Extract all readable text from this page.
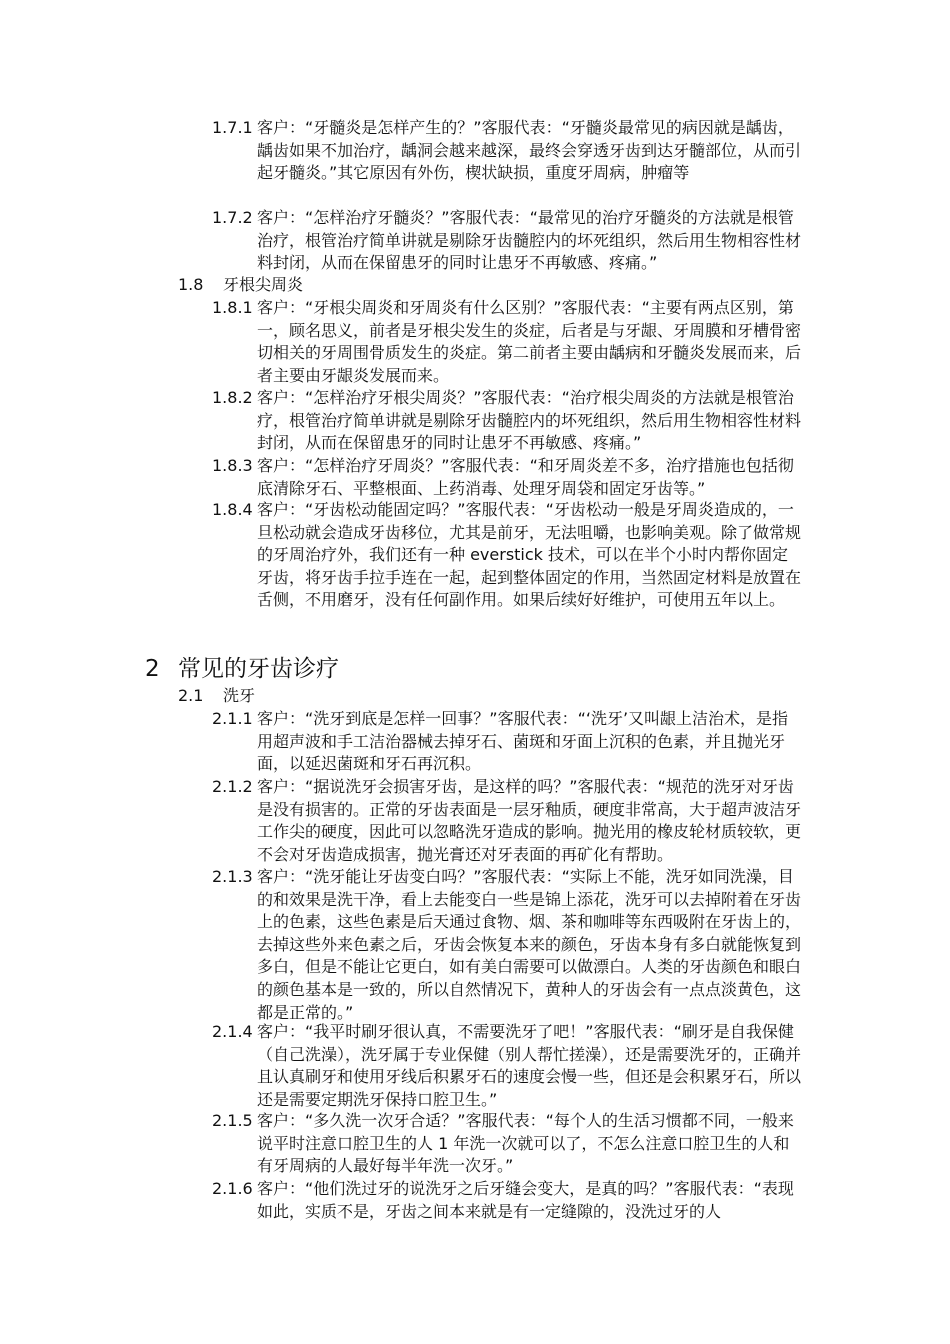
1.7.1 客户：“牙髓炎是怎样产生的？”客服代表：“牙髓炎最常见的病因就是龋齿，龋齿如果不加治疗，龋洞会越来越深，最终会穿透牙齿到达牙髓部位，从而引起牙髓炎。”其它原因有外伤，楔状缺损，重度牙周病，肿瘤等
1.7.2 客户：“怎样治疗牙髓炎？”客服代表：“最常见的治疗牙髓炎的方法就是根管治疗，根管治疗简单讲就是剔除牙齿髓腔内的坏死组织，然后用生物相容性材料封闭，从而在保留患牙的同时让患牙不再敏感、疼痛。”
1.8 牙根尖周炎
1.8.1 客户：“牙根尖周炎和牙周炎有什么区别？”客服代表：“主要有两点区别，第一，顾名思义，前者是牙根尖发生的炎症，后者是与牙龈、牙周膜和牙槽骨密切相关的牙周围骨质发生的炎症。第二前者主要由龋病和牙髓炎发展而来，后者主要由牙龈炎发展而来。
1.8.2 客户：“怎样治疗牙根尖周炎？”客服代表：“治疗根尖周炎的方法就是根管治疗，根管治疗简单讲就是剔除牙齿髓腔内的坏死组织，然后用生物相容性材料封闭，从而在保留患牙的同时让患牙不再敏感、疼痛。”
1.8.3 客户：“怎样治疗牙周炎？”客服代表：“和牙周炎差不多，治疗措施也包括彻底清除牙石、平整根面、上药消毒、处理牙周袋和固定牙齿等。”
1.8.4 客户：“牙齿松动能固定吗？”客服代表：“牙齿松动一般是牙周炎造成的，一旦松动就会造成牙齿移位，尤其是前牙，无法咀嚼，也影响美观。除了做常规的牙周治疗外，我们还有一种 everstick 技术，可以在半个小时内帮你固定牙齿，将牙齿手拉手连在一起，起到整体固定的作用，当然固定材料是放置在舌侧，不用磨牙，没有任何副作用。如果后续好好维护，可使用五年以上。
2 常见的牙齿诊疗
2.1 洗牙
2.1.1 客户：“洗牙到底是怎样一回事？”客服代表：“‘洗牙’又叫龈上洁治术，是指用超声波和手工洁治器械去掉牙石、菌斑和牙面上沉积的色素，并且抛光牙面，以延迟菌斑和牙石再沉积。
2.1.2 客户：“据说洗牙会损害牙齿，是这样的吗？”客服代表：“规范的洗牙对牙齿是没有损害的。正常的牙齿表面是一层牙釉质，硬度非常高，大于超声波洁牙工作尖的硬度，因此可以忽略洗牙造成的影响。抛光用的橡皮轮材质较软，更不会对牙齿造成损害，抛光膏还对牙表面的再矿化有帮助。
2.1.3 客户：“洗牙能让牙齿变白吗？”客服代表：“实际上不能，洗牙如同洗澡，目的和效果是洗干净，看上去能变白一些是锦上添花，洗牙可以去掉附着在牙齿上的色素，这些色素是后天通过食物、烟、茶和咖啡等东西吸附在牙齿上的，去掉这些外来色素之后，牙齿会恢复本来的颜色，牙齿本身有多白就能恢复到多白，但是不能让它更白，如有美白需要可以做漂白。人类的牙齿颜色和眼白的颜色基本是一致的，所以自然情况下，黄种人的牙齿会有一点点淡黄色，这都是正常的。”
2.1.4 客户：“我平时刷牙很认真，不需要洗牙了吧！”客服代表：“刷牙是自我保健（自己洗澡），洗牙属于专业保健（别人帮忙搓澡），还是需要洗牙的，正确并且认真刷牙和使用牙线后积累牙石的速度会慢一些，但还是会积累牙石，所以还是需要定期洗牙保持口腔卫生。”
2.1.5 客户：“多久洗一次牙合适？”客服代表：“每个人的生活习惯都不同，一般来说平时注意口腔卫生的人 1 年洗一次就可以了，不怎么注意口腔卫生的人和有牙周病的人最好每半年洗一次牙。”
2.1.6 客户：“他们洗过牙的说洗牙之后牙缝会变大，是真的吗？”客服代表：“表现如此，实质不是，牙齿之间本来就是有一定缝隙的，没洗过牙的人
